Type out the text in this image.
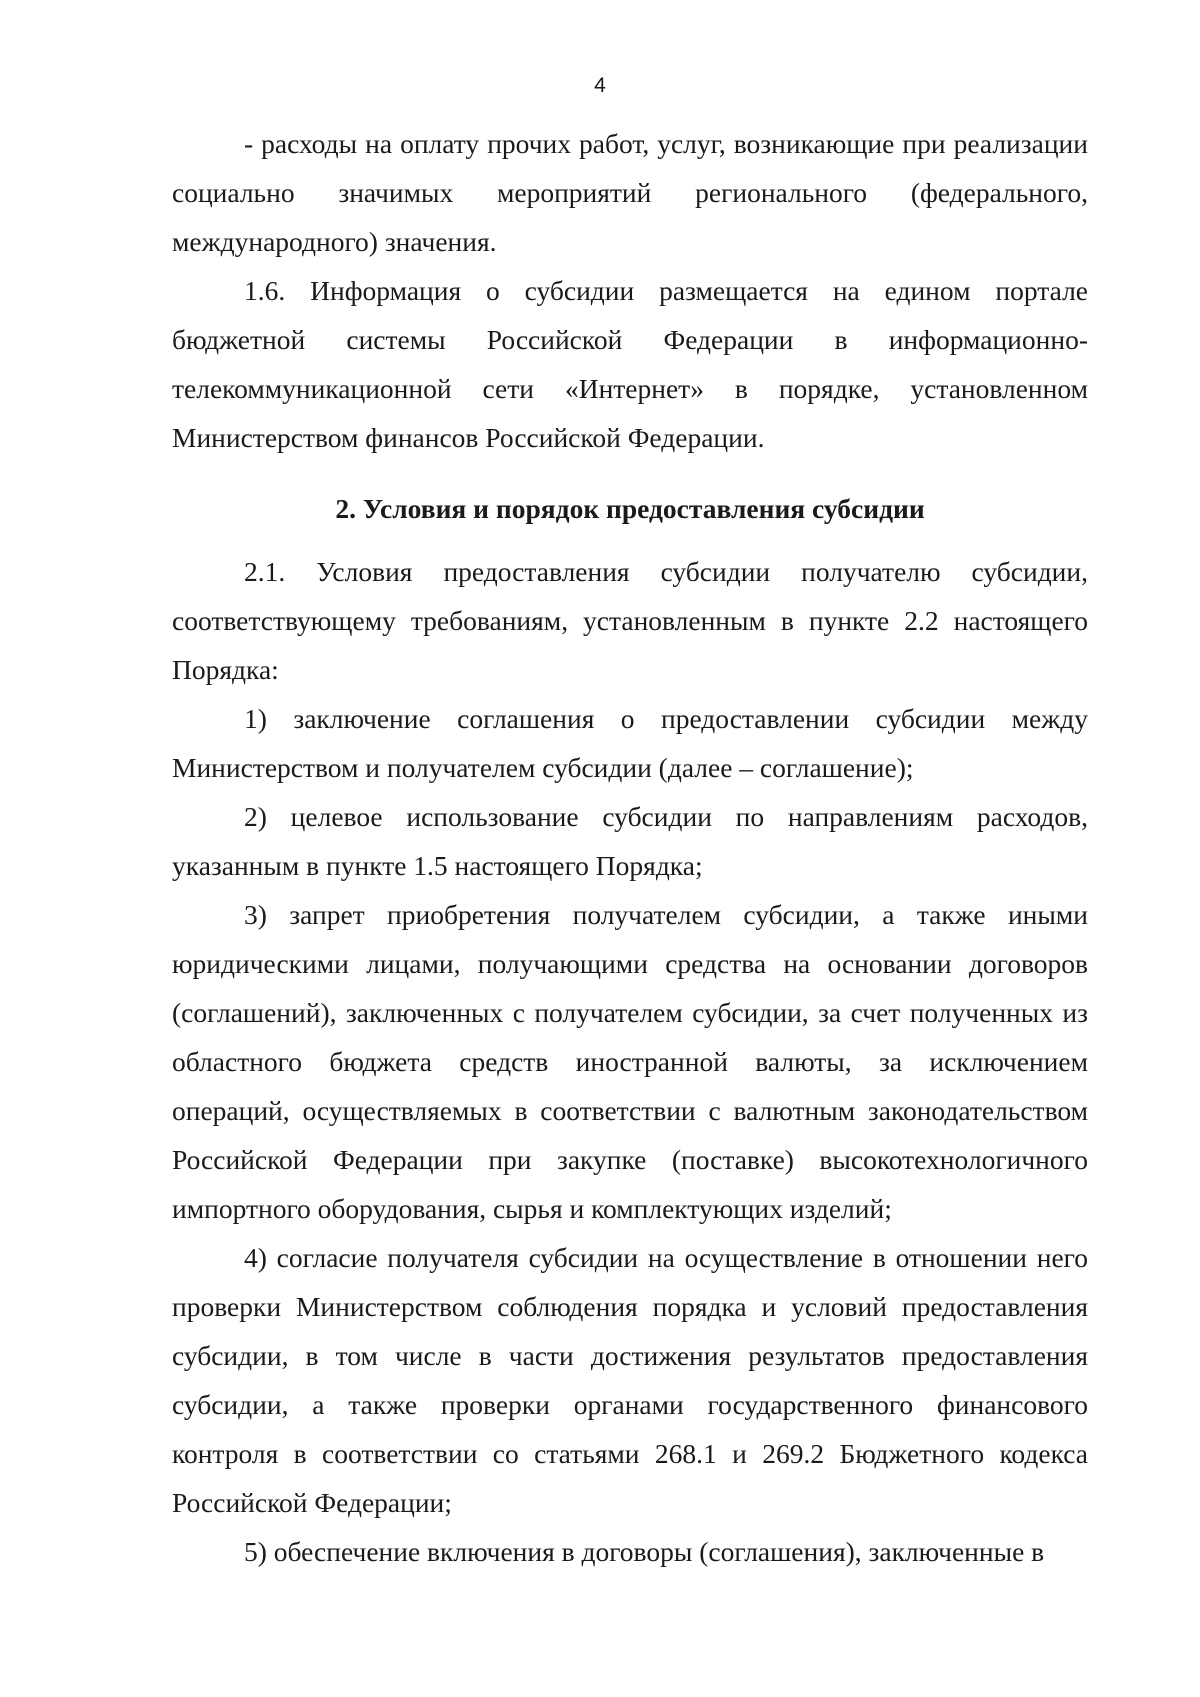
4

- расходы на оплату прочих работ, услуг, возникающие при реализации социально значимых мероприятий регионального (федерального, международного) значения.

1.6. Информация о субсидии размещается на едином портале бюджетной системы Российской Федерации в информационно-телекоммуникационной сети «Интернет» в порядке, установленном Министерством финансов Российской Федерации.

2. Условия и порядок предоставления субсидии

2.1. Условия предоставления субсидии получателю субсидии, соответствующему требованиям, установленным в пункте 2.2 настоящего Порядка:

1) заключение соглашения о предоставлении субсидии между Министерством и получателем субсидии (далее – соглашение);

2) целевое использование субсидии по направлениям расходов, указанным в пункте 1.5 настоящего Порядка;

3) запрет приобретения получателем субсидии, а также иными юридическими лицами, получающими средства на основании договоров (соглашений), заключенных с получателем субсидии, за счет полученных из областного бюджета средств иностранной валюты, за исключением операций, осуществляемых в соответствии с валютным законодательством Российской Федерации при закупке (поставке) высокотехнологичного импортного оборудования, сырья и комплектующих изделий;

4) согласие получателя субсидии на осуществление в отношении него проверки Министерством соблюдения порядка и условий предоставления субсидии, в том числе в части достижения результатов предоставления субсидии, а также проверки органами государственного финансового контроля в соответствии со статьями 268.1 и 269.2 Бюджетного кодекса Российской Федерации;

5) обеспечение включения в договоры (соглашения), заключенные в
